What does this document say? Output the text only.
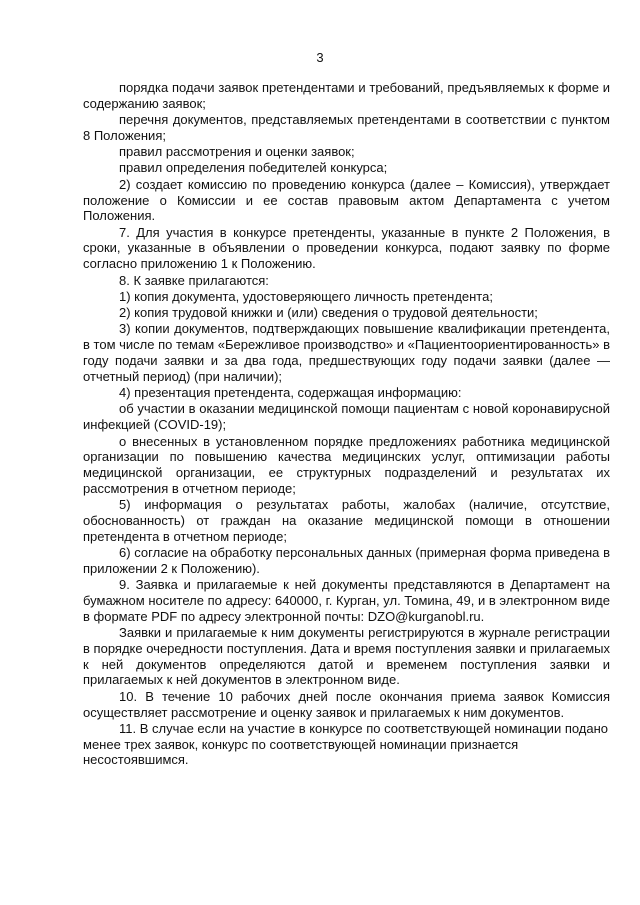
3

порядка подачи заявок претендентами и требований, предъявляемых к форме и содержанию заявок;

перечня документов, представляемых претендентами в соответствии с пунктом 8 Положения;

правил рассмотрения и оценки заявок;

правил определения победителей конкурса;

2) создает комиссию по проведению конкурса (далее – Комиссия), утверждает положение о Комиссии и ее состав правовым актом Департамента с учетом Положения.

7. Для участия в конкурсе претенденты, указанные в пункте 2 Положения, в сроки, указанные в объявлении о проведении конкурса, подают заявку по форме согласно приложению 1 к Положению.

8. К заявке прилагаются:

1) копия документа, удостоверяющего личность претендента;

2) копия трудовой книжки и (или) сведения о трудовой деятельности;

3) копии документов, подтверждающих повышение квалификации претендента, в том числе по темам «Бережливое производство» и «Пациентоориентированность» в году подачи заявки и за два года, предшествующих году подачи заявки (далее — отчетный период) (при наличии);

4) презентация претендента, содержащая информацию:

об участии в оказании медицинской помощи пациентам с новой коронавирусной инфекцией (COVID-19);

о внесенных в установленном порядке предложениях работника медицинской организации по повышению качества медицинских услуг, оптимизации работы медицинской организации, ее структурных подразделений и результатах их рассмотрения в отчетном периоде;

5) информация о результатах работы, жалобах (наличие, отсутствие, обоснованность) от граждан на оказание медицинской помощи в отношении претендента в отчетном периоде;

6) согласие на обработку персональных данных (примерная форма приведена в приложении 2 к Положению).

9. Заявка и прилагаемые к ней документы представляются в Департамент на бумажном носителе по адресу: 640000, г. Курган, ул. Томина, 49, и в электронном виде в формате PDF по адресу электронной почты: DZO@kurganobl.ru.

Заявки и прилагаемые к ним документы регистрируются в журнале регистрации в порядке очередности поступления. Дата и время поступления заявки и прилагаемых к ней документов определяются датой и временем поступления заявки и прилагаемых к ней документов в электронном виде.

10. В течение 10 рабочих дней после окончания приема заявок Комиссия осуществляет рассмотрение и оценку заявок и прилагаемых к ним документов.

11. В случае если на участие в конкурсе по соответствующей номинации подано менее трех заявок, конкурс по соответствующей номинации признается несостоявшимся.
